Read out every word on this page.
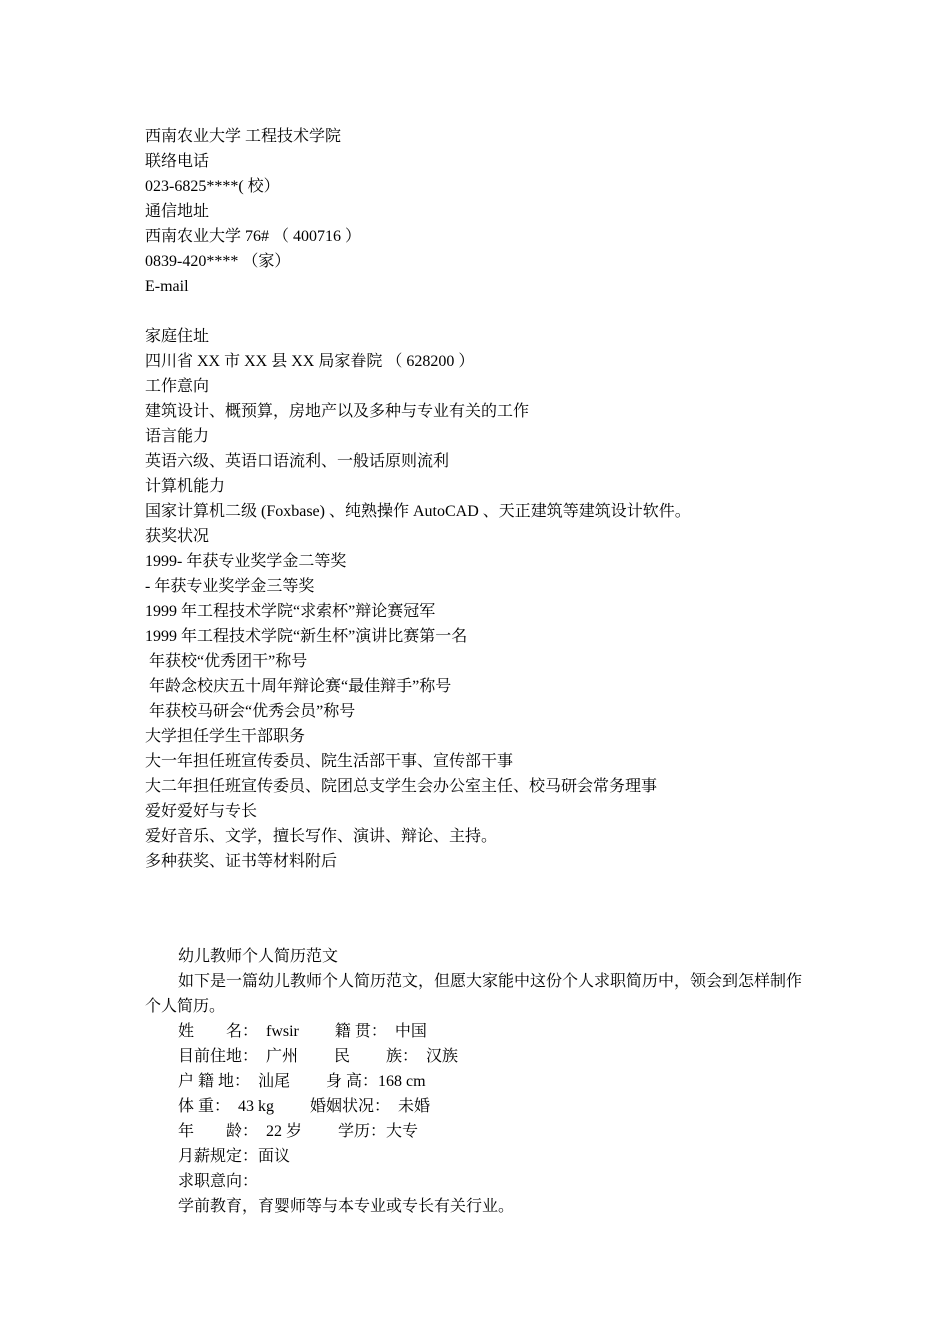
西南农业大学 工程技术学院
联络电话
023-6825****( 校）
通信地址
西南农业大学 76# （ 400716 ）
0839-420**** （家）
E-mail
家庭住址
四川省 XX 市 XX 县 XX 局家眷院 （ 628200 ）
工作意向
建筑设计、概预算，房地产以及多种与专业有关的工作
语言能力
英语六级、英语口语流利、一般话原则流利
计算机能力
国家计算机二级 (Foxbase) 、纯熟操作 AutoCAD 、天正建筑等建筑设计软件。
获奖状况
1999- 年获专业奖学金二等奖
- 年获专业奖学金三等奖
1999 年工程技术学院“求索杯”辩论赛冠军
1999 年工程技术学院“新生杯”演讲比赛第一名
年获校“优秀团干”称号
年龄念校庆五十周年辩论赛“最佳辩手”称号
年获校马研会“优秀会员”称号
大学担任学生干部职务
大一年担任班宣传委员、院生活部干事、宣传部干事
大二年担任班宣传委员、院团总支学生会办公室主任、校马研会常务理事
爱好爱好与专长
爱好音乐、文学，擅长写作、演讲、辩论、主持。
多种获奖、证书等材料附后
幼儿教师个人简历范文
如下是一篇幼儿教师个人简历范文，但愿大家能中这份个人求职简历中，领会到怎样制作个人简历。
姓　　名：  fwsir　　 籍 贯：  中国
目前住地：  广州　　 民　　 族：  汉族
户 籍 地：  汕尾　　 身 高：168 cm
体 重：  43 kg　　 婚姻状况：  未婚
年　　龄：  22 岁　　 学历：大专
月薪规定：面议
求职意向：
学前教育，育婴师等与本专业或专长有关行业。
